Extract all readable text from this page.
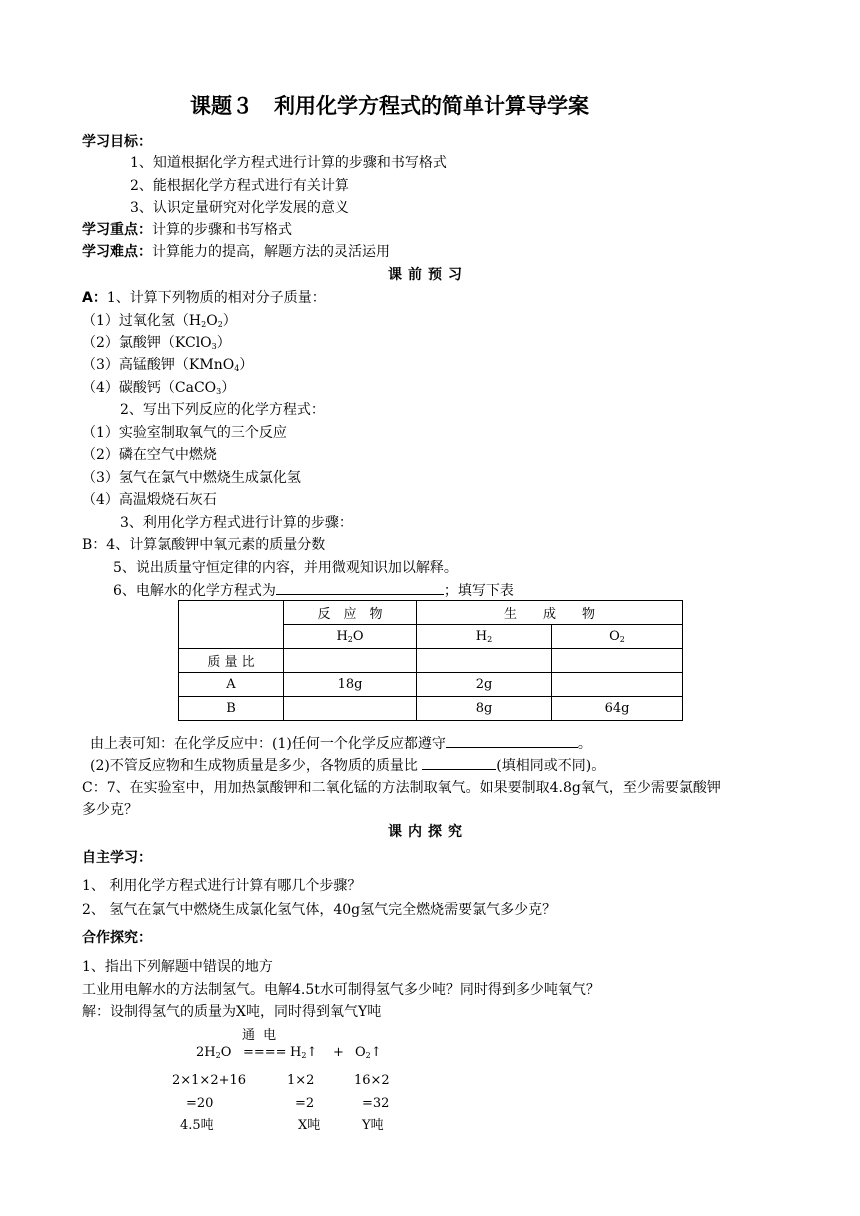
课题３　利用化学方程式的简单计算导学案
学习目标：
1、知道根据化学方程式进行计算的步骤和书写格式
2、能根据化学方程式进行有关计算
3、认识定量研究对化学发展的意义
学习重点：计算的步骤和书写格式
学习难点：计算能力的提高，解题方法的灵活运用
课前预习
A：1、计算下列物质的相对分子质量：
（1）过氧化氢$(H_2O_2)$
（2）氯酸钾（KClO$_3$）
（3）高锰酸钾（KMnO$_4$）
（4）碳酸钙（CaCO$_3$）
2、写出下列反应的化学方程式：
（1）实验室制取氧气的三个反应
（2）磷在空气中燃烧
（3）氢气在氯气中燃烧生成氯化氢
（4）高温煅烧石灰石
3、利用化学方程式进行计算的步骤：
B：4、计算氯酸钾中氧元素的质量分数
5、说出质量守恒定律的内容，并用微观知识加以解释。
6、电解水的化学方程式为	；填写下表
	反　应　物	生　　成　　物	
	$H_2O$	$H_2$	$O_2$
质 量 比			
A	18g	2g	
B		8g	64g
由上表可知：在化学反应中：(1)任何一个化学反应都遵守	。
(2)不管反应物和生成物质量是多少，各物质的质量比	(填相同或不同)。
C：7、在实验室中，用加热氯酸钾和二氧化锰的方法制取氧气。如果要制取4.8g氧气，至少需要氯酸钾
多少克？
课内探究
自主学习：
1、 利用化学方程式进行计算有哪几个步骤？
2、 氢气在氯气中燃烧生成氯化氢气体，40g氢气完全燃烧需要氯气多少克？
合作探究：
1、指出下列解题中错误的地方
工业用电解水的方法制氢气。电解4.5t水可制得氢气多少吨？同时得到多少吨氧气？
解：设制得氢气的质量为X吨，同时得到氧气Y吨
通 电
$2H_2O$ ==== $H_2↑$ + $O_2↑$
2×1×2+16	1×2	16×2
=20	=2	=32
4.5吨	X吨	Y吨
